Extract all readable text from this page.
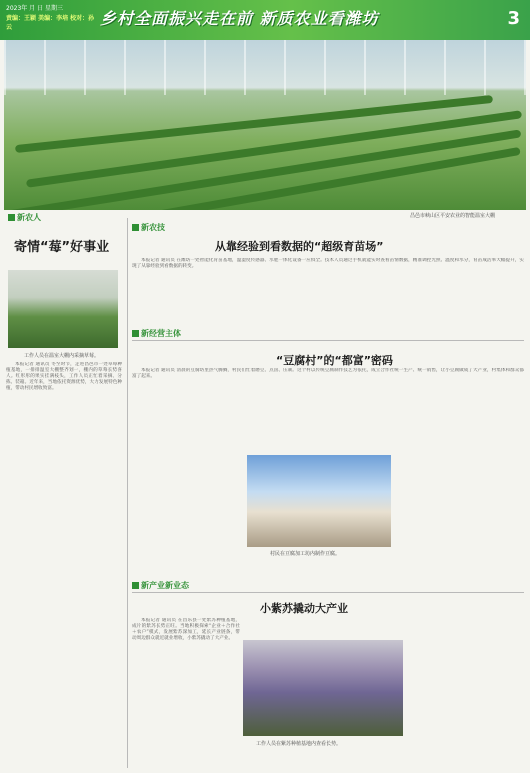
2023年 月 日 星期三
责编：王颖 美编：李培 校对：孙云	乡村全面振兴走在前 新质农业看潍坊	3
昌邑市峡山区平安农业的智能温室大棚
新农人
寄情“莓”好事业
工作人员在温室大棚内采摘草莓。

本报记者 通讯员 冬至时节，走进昌邑市一处草莓种植基地，一排排温室大棚整齐划一，棚内的草莓长势喜人。红彤彤的果实挂满枝头，工作人员正忙着采摘、分拣、装箱。近年来，当地依托资源优势，大力发展特色种植，带动村民增收致富。

新农技
从靠经验到看数据的“超级育苗场”

本报记者 通讯员 在潍坊一处智能化育苗基地，温湿度传感器、水肥一体化设备一应俱全。技术人员通过手机就能实时查看苗情数据，精准调控光照、温度和水分，育苗成活率大幅提升，实现了从靠经验到看数据的转变。

新经营主体
“豆腐村”的“都富”密码

本报记者 通讯员 清晨的豆腐坊里热气腾腾，村民们忙着磨豆、点卤、压制。这个村以传统豆腐制作技艺为依托，成立合作社统一生产、统一销售，让小豆腐做成了大产业，村集体和群众都富了起来。

村民在豆腐加工坊内制作豆腐。
新产业新业态
小紫苏撬动大产业

本报记者 通讯员 在昌乐县一处紫苏种植基地，成片的紫苏长势正旺。当地积极探索“企业＋合作社＋农户”模式，发展紫苏深加工，延长产业链条，带动周边群众就近就业增收，小紫苏撬动了大产业。

工作人员在紫苏种植基地内查看长势。
